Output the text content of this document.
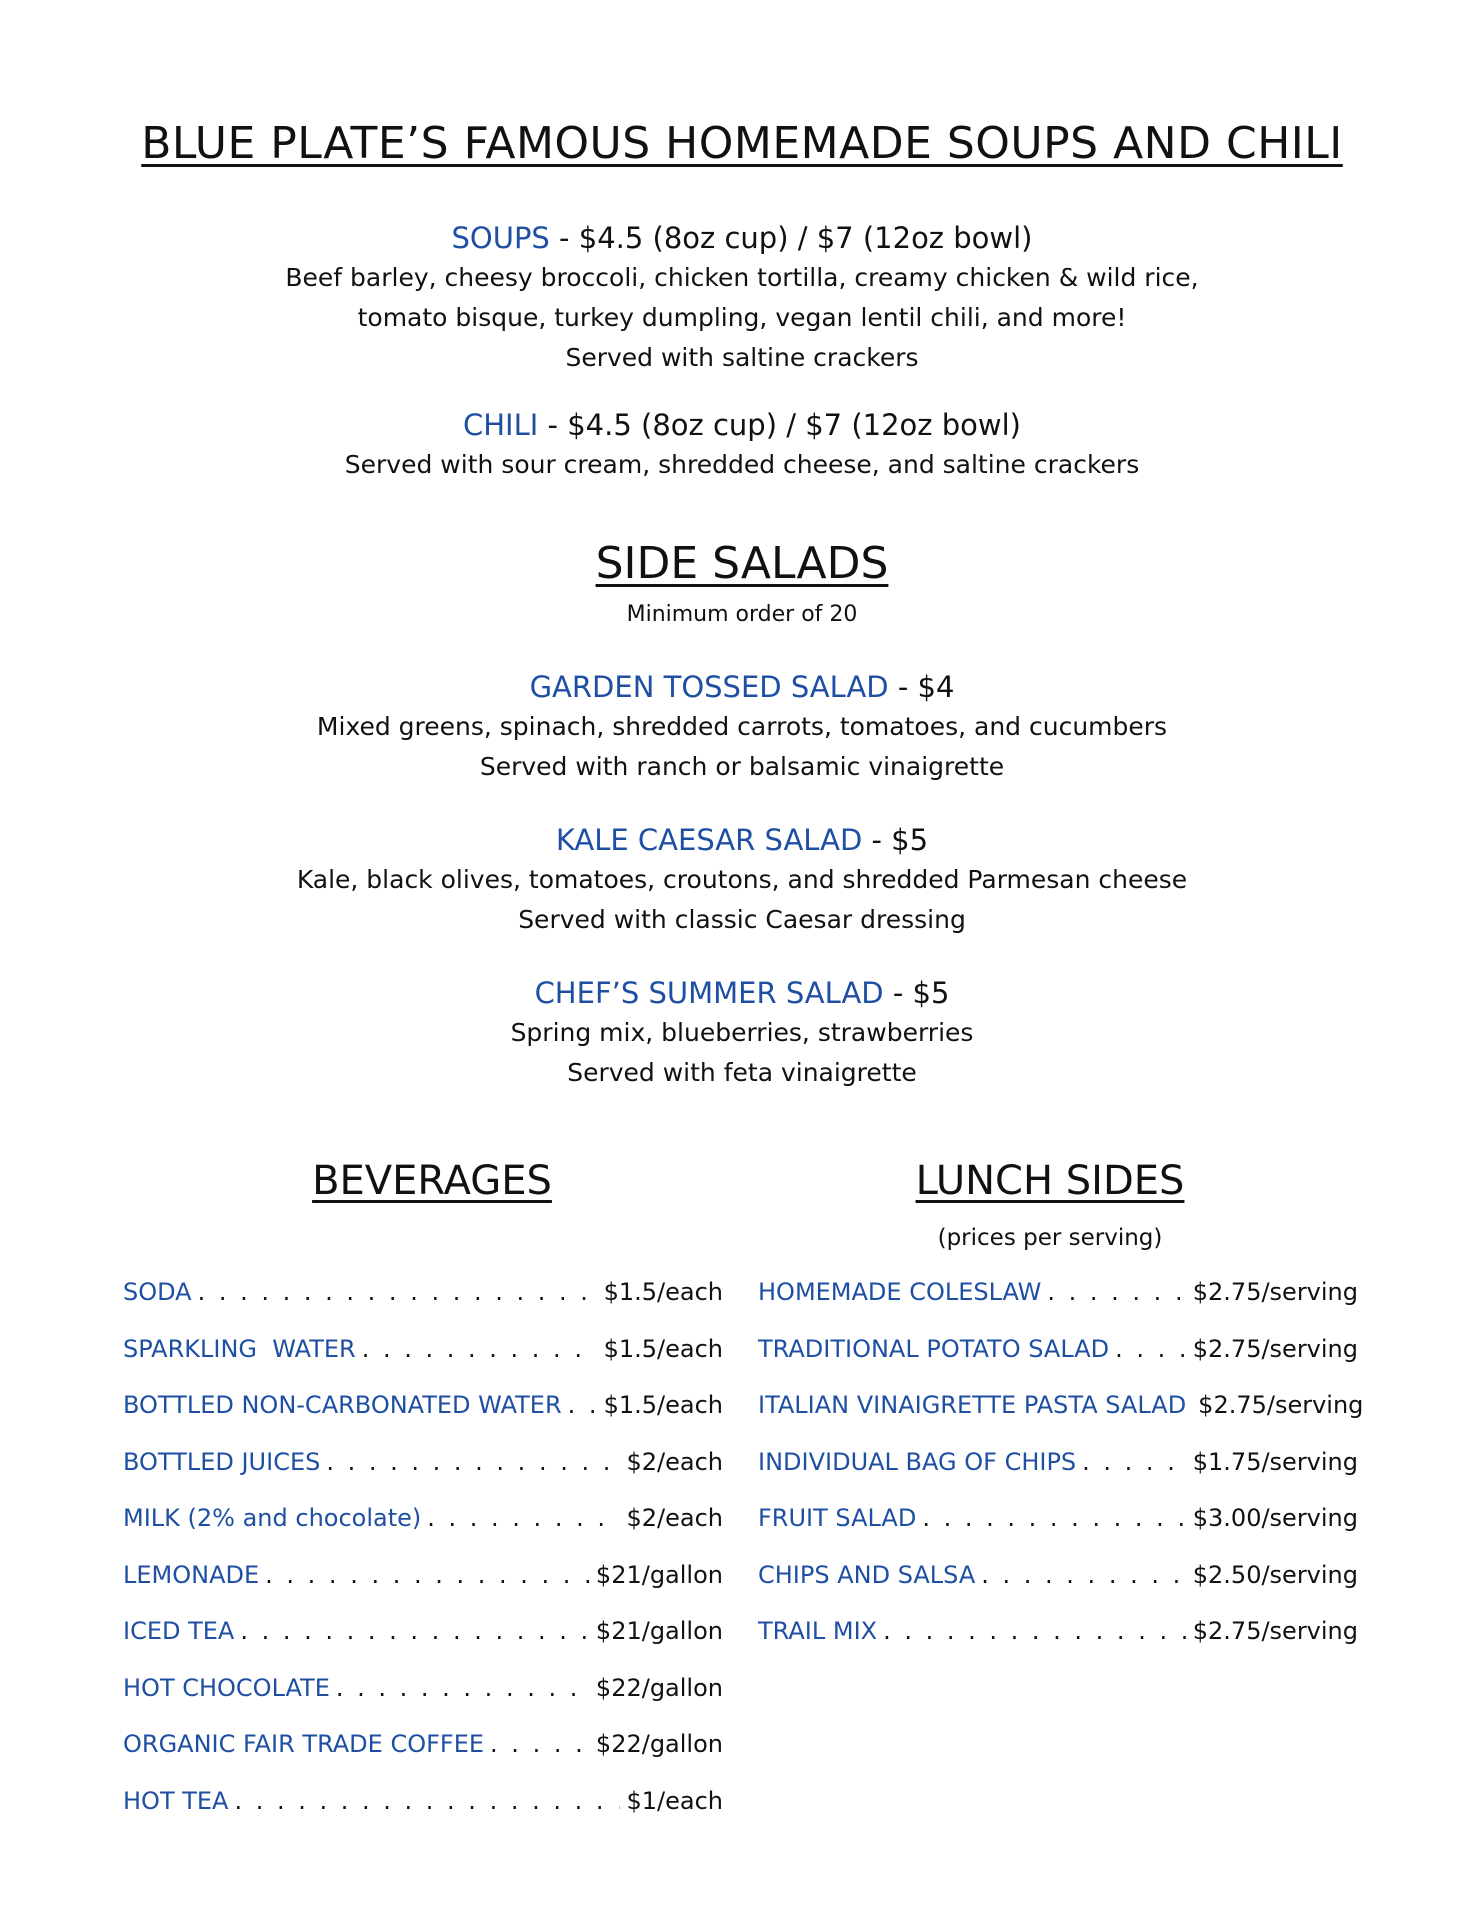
BLUE PLATE’S FAMOUS HOMEMADE SOUPS AND CHILI
SOUPS - $4.5 (8oz cup) / $7 (12oz bowl)
Beef barley, cheesy broccoli, chicken tortilla, creamy chicken & wild rice,
tomato bisque, turkey dumpling, vegan lentil chili, and more!
Served with saltine crackers
CHILI - $4.5 (8oz cup) / $7 (12oz bowl)
Served with sour cream, shredded cheese, and saltine crackers
SIDE SALADS
Minimum order of 20
GARDEN TOSSED SALAD - $4
Mixed greens, spinach, shredded carrots, tomatoes, and cucumbers
Served with ranch or balsamic vinaigrette
KALE CAESAR SALAD - $5
Kale, black olives, tomatoes, croutons, and shredded Parmesan cheese
Served with classic Caesar dressing
CHEF’S SUMMER SALAD - $5
Spring mix, blueberries, strawberries
Served with feta vinaigrette
BEVERAGES
SODA . . .	$1.5/each
SPARKLING  WATER . . .	$1.5/each
BOTTLED NON-CARBONATED WATER . . . $1.5/each
BOTTLED JUICES . . .	$2/each
MILK (2% and chocolate) . . .	$2/each
LEMONADE . . .	$21/gallon
ICED TEA . . .	$21/gallon
HOT CHOCOLATE . . .	$22/gallon
ORGANIC FAIR TRADE COFFEE . . .	$22/gallon
HOT TEA . . .	$1/each
LUNCH SIDES
(prices per serving)
HOMEMADE COLESLAW . . .	$2.75/serving
TRADITIONAL POTATO SALAD . . .	$2.75/serving
ITALIAN VINAIGRETTE PASTA SALAD $2.75/serving
INDIVIDUAL BAG OF CHIPS . . .	$1.75/serving
FRUIT SALAD . . .	$3.00/serving
CHIPS AND SALSA . . .	$2.50/serving
TRAIL MIX . . .	$2.75/serving
